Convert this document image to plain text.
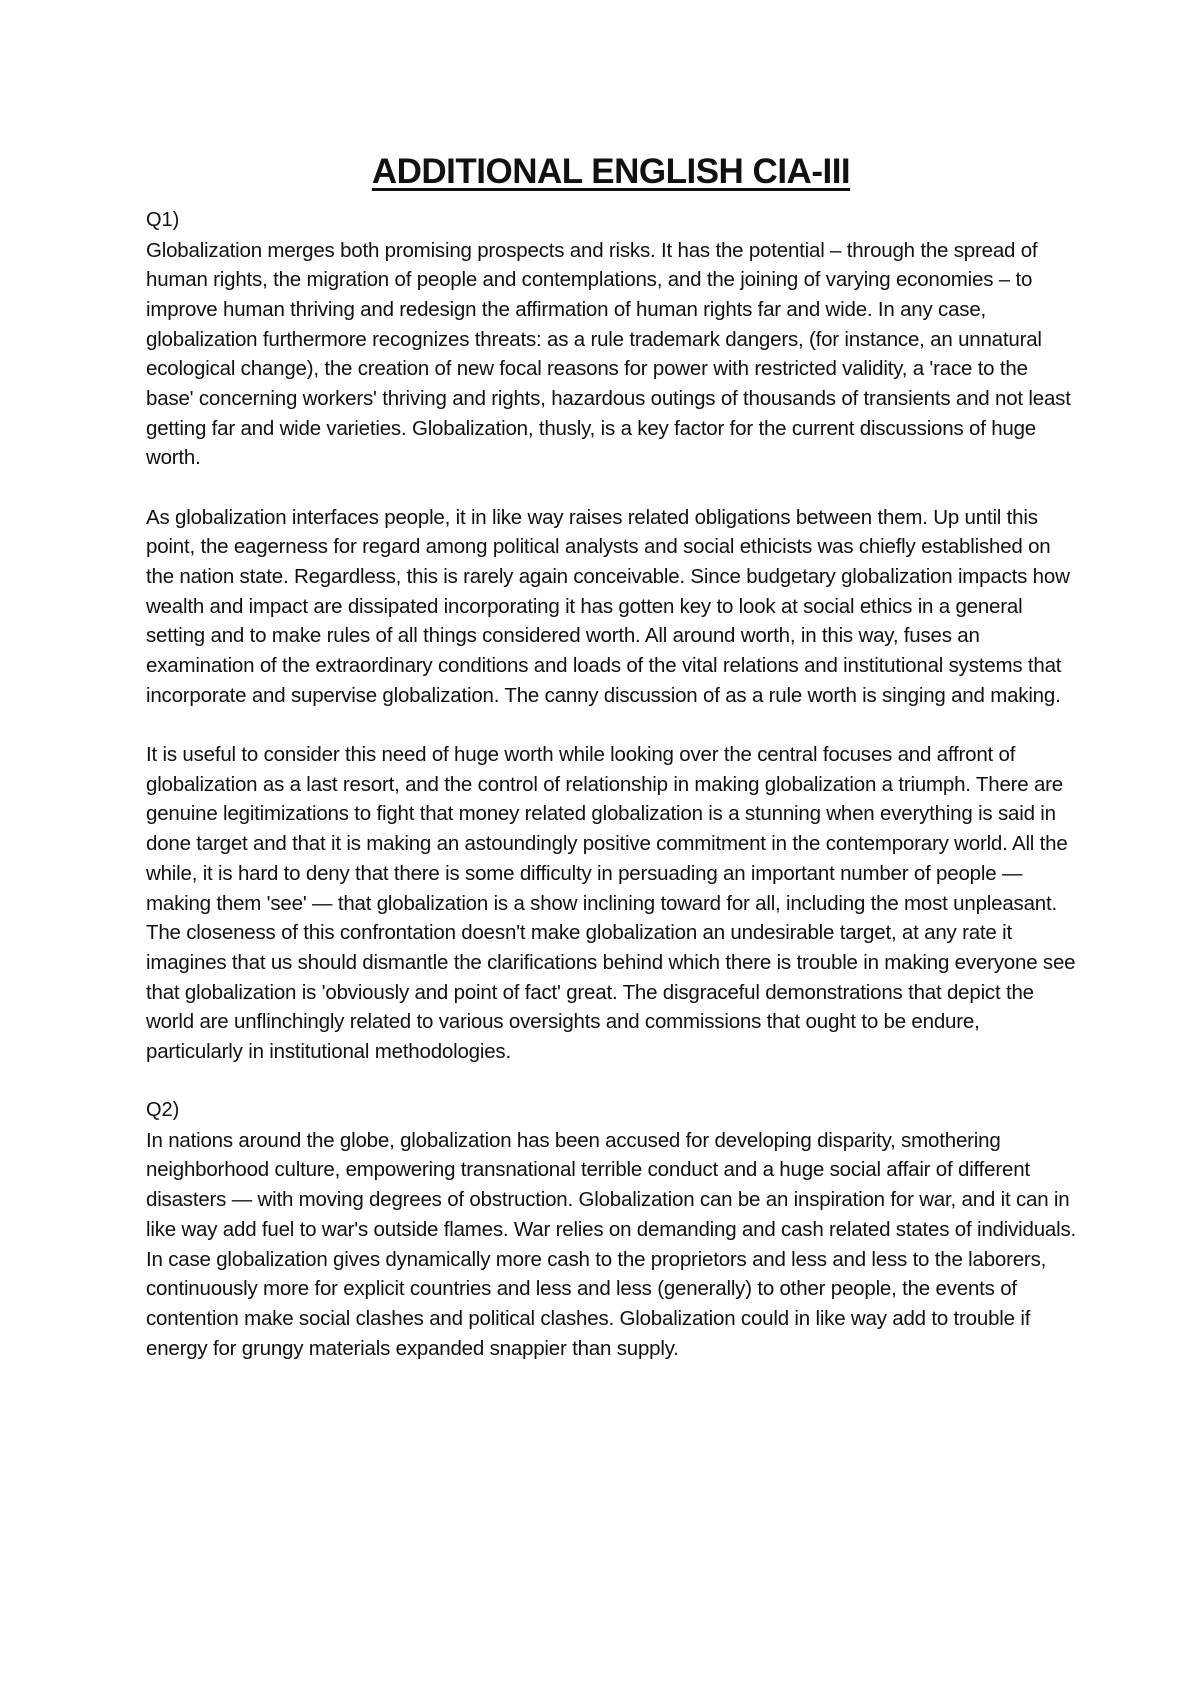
ADDITIONAL ENGLISH CIA-III

Q1)

Globalization merges both promising prospects and risks. It has the potential – through the spread of human rights, the migration of people and contemplations, and the joining of varying economies – to improve human thriving and redesign the affirmation of human rights far and wide. In any case, globalization furthermore recognizes threats: as a rule trademark dangers, (for instance, an unnatural ecological change), the creation of new focal reasons for power with restricted validity, a 'race to the base' concerning workers' thriving and rights, hazardous outings of thousands of transients and not least getting far and wide varieties. Globalization, thusly, is a key factor for the current discussions of huge worth.

As globalization interfaces people, it in like way raises related obligations between them. Up until this point, the eagerness for regard among political analysts and social ethicists was chiefly established on the nation state. Regardless, this is rarely again conceivable. Since budgetary globalization impacts how wealth and impact are dissipated incorporating it has gotten key to look at social ethics in a general setting and to make rules of all things considered worth. All around worth, in this way, fuses an examination of the extraordinary conditions and loads of the vital relations and institutional systems that incorporate and supervise globalization. The canny discussion of as a rule worth is singing and making.

It is useful to consider this need of huge worth while looking over the central focuses and affront of globalization as a last resort, and the control of relationship in making globalization a triumph. There are genuine legitimizations to fight that money related globalization is a stunning when everything is said in done target and that it is making an astoundingly positive commitment in the contemporary world. All the while, it is hard to deny that there is some difficulty in persuading an important number of people — making them 'see' — that globalization is a show inclining toward for all, including the most unpleasant. The closeness of this confrontation doesn't make globalization an undesirable target, at any rate it imagines that us should dismantle the clarifications behind which there is trouble in making everyone see that globalization is 'obviously and point of fact' great. The disgraceful demonstrations that depict the world are unflinchingly related to various oversights and commissions that ought to be endure, particularly in institutional methodologies.

Q2)

In nations around the globe, globalization has been accused for developing disparity, smothering neighborhood culture, empowering transnational terrible conduct and a huge social affair of different disasters — with moving degrees of obstruction. Globalization can be an inspiration for war, and it can in like way add fuel to war's outside flames. War relies on demanding and cash related states of individuals. In case globalization gives dynamically more cash to the proprietors and less and less to the laborers, continuously more for explicit countries and less and less (generally) to other people, the events of contention make social clashes and political clashes. Globalization could in like way add to trouble if energy for grungy materials expanded snappier than supply.
